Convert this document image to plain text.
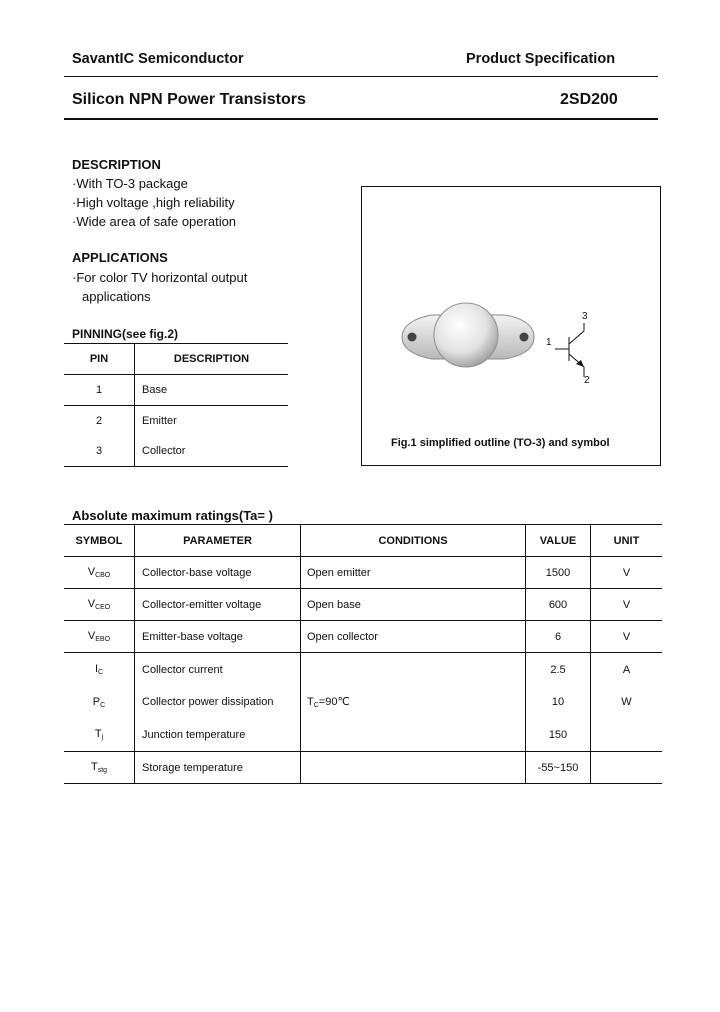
SavantIC Semiconductor	Product Specification
Silicon NPN Power Transistors	2SD200
DESCRIPTION
·With TO-3 package
·High voltage ,high reliability
·Wide area of safe operation
APPLICATIONS
·For color TV horizontal output
applications
PINNING(see fig.2)
PIN	DESCRIPTION
1	Base
2	Emitter
3	Collector
1
3
2
Fig.1 simplified outline (TO-3) and symbol
Absolute maximum ratings(Ta= )
SYMBOL	PARAMETER	CONDITIONS	VALUE	UNIT
$V_{CBO}$	Collector-base voltage	Open emitter	1500	V
$V_{CEO}$	Collector-emitter voltage	Open base	600	V
$V_{EBO}$	Emitter-base voltage	Open collector	6	V
$I_C$	Collector current		2.5	A
$P_C$	Collector power dissipation	$T_C=90℃$	10	W
$T_j$	Junction temperature		150	
$T_{stg}$	Storage temperature		-55~150	
